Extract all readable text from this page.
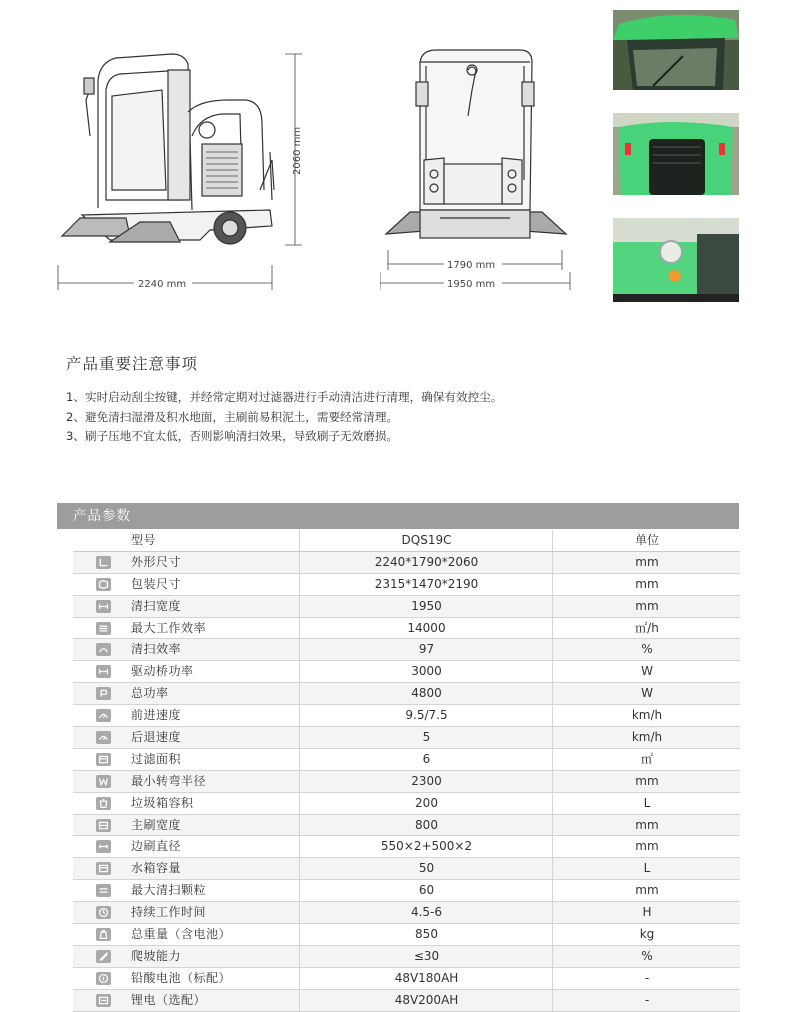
2060 mm
2240 mm
1790 mm
1950 mm
产品重要注意事项
1、实时启动刮尘按键，并经常定期对过滤器进行手动清洁进行清理，确保有效控尘。
2、避免清扫湿滑及积水地面，主刷前易积泥土，需要经常清理。
3、刷子压地不宜太低，否则影响清扫效果，导致刷子无效磨损。
产品参数
型号	DQS19C	单位
外形尺寸	2240*1790*2060	mm
包装尺寸	2315*1470*2190	mm
清扫宽度	1950	mm
最大工作效率	14000	㎡/h
清扫效率	97	%
驱动桥功率	3000	W
总功率	4800	W
前进速度	9.5/7.5	km/h
后退速度	5	km/h
过滤面积	6	㎡
最小转弯半径	2300	mm
垃圾箱容积	200	L
主刷宽度	800	mm
边刷直径	550×2+500×2	mm
水箱容量	50	L
最大清扫颗粒	60	mm
持续工作时间	4.5-6	H
总重量（含电池）	850	kg
爬坡能力	≤30	%
铅酸电池（标配）	48V180AH	-
锂电（选配）	48V200AH	-
